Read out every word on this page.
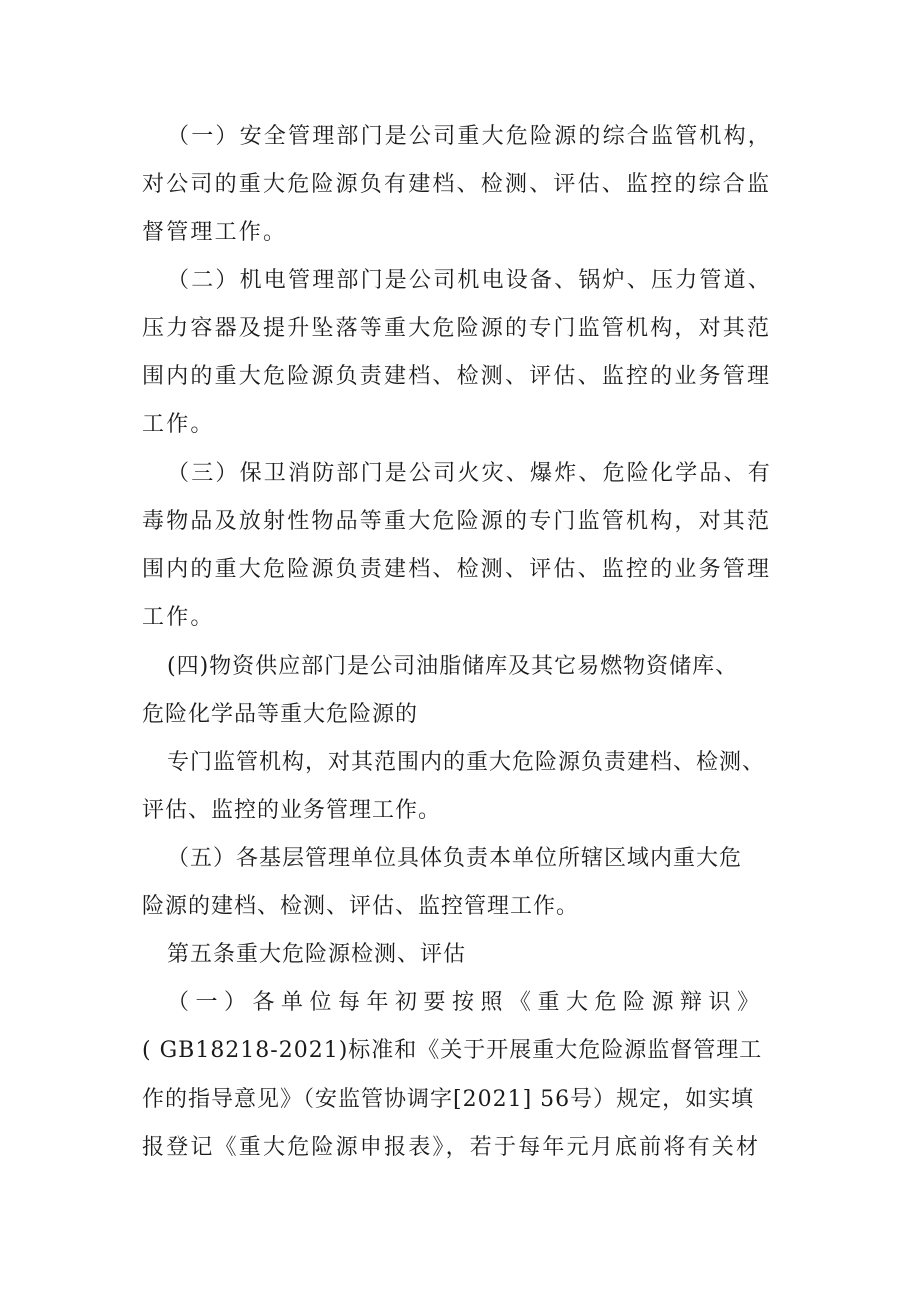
（一）安全管理部门是公司重大危险源的综合监管机构，
对公司的重大危险源负有建档、检测、评估、监控的综合监
督管理工作。
（二）机电管理部门是公司机电设备、锅炉、压力管道、
压力容器及提升坠落等重大危险源的专门监管机构，对其范
围内的重大危险源负责建档、检测、评估、监控的业务管理
工作。
（三）保卫消防部门是公司火灾、爆炸、危险化学品、有
毒物品及放射性物品等重大危险源的专门监管机构，对其范
围内的重大危险源负责建档、检测、评估、监控的业务管理
工作。
(四)物资供应部门是公司油脂储库及其它易燃物资储库、
危险化学品等重大危险源的
专门监管机构，对其范围内的重大危险源负责建档、检测、
评估、监控的业务管理工作。
（五）各基层管理单位具体负责本单位所辖区域内重大危
险源的建档、检测、评估、监控管理工作。
第五条重大危险源检测、评估
（一）各单位每年初要按照《重大危险源辩识》
( GB18218-2021)标准和《关于开展重大危险源监督管理工
作的指导意见》（安监管协调字[2021] 56号）规定，如实填
报登记《重大危险源申报表》，若于每年元月底前将有关材
